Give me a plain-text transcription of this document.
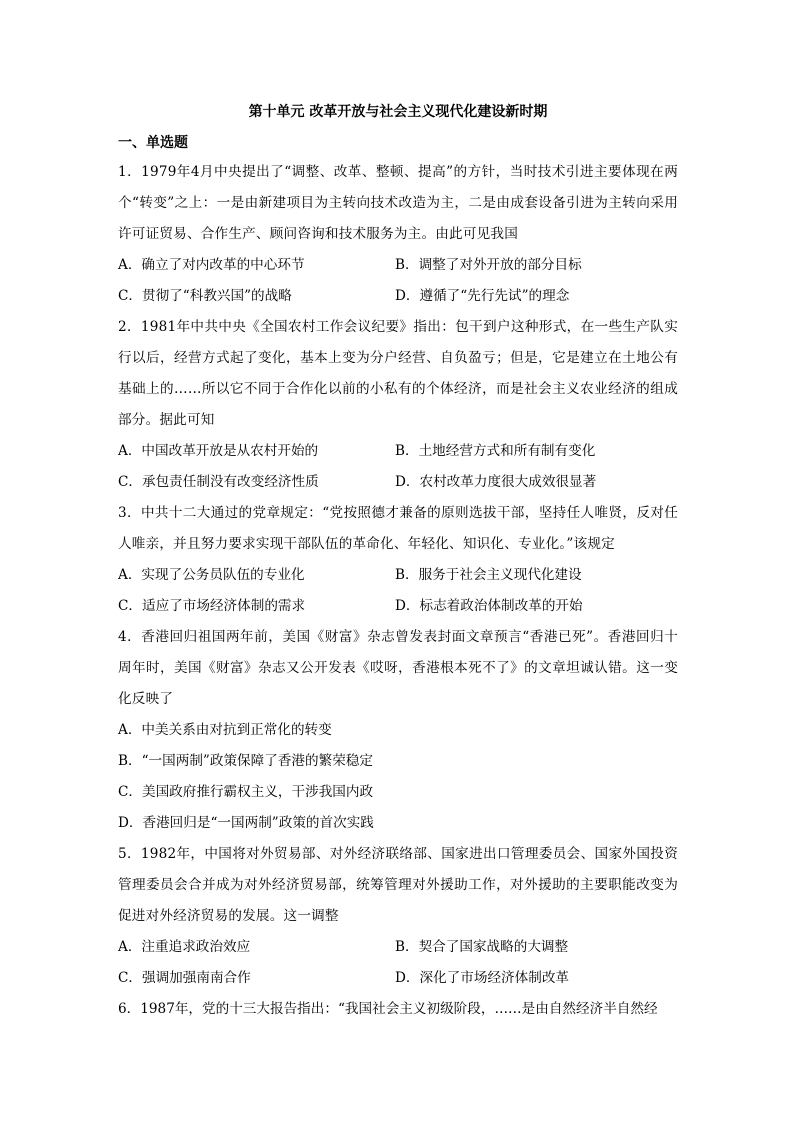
第十单元 改革开放与社会主义现代化建设新时期
一、单选题
1．1979年4月中央提出了“调整、改革、整顿、提高”的方针，当时技术引进主要体现在两个“转变”之上：一是由新建项目为主转向技术改造为主，二是由成套设备引进为主转向采用许可证贸易、合作生产、顾问咨询和技术服务为主。由此可见我国
A．确立了对内改革的中心环节	B．调整了对外开放的部分目标
C．贯彻了“科教兴国”的战略	D．遵循了“先行先试”的理念
2．1981年中共中央《全国农村工作会议纪要》指出：包干到户这种形式，在一些生产队实行以后，经营方式起了变化，基本上变为分户经营、自负盈亏；但是，它是建立在土地公有基础上的……所以它不同于合作化以前的小私有的个体经济，而是社会主义农业经济的组成部分。据此可知
A．中国改革开放是从农村开始的	B．土地经营方式和所有制有变化
C．承包责任制没有改变经济性质	D．农村改革力度很大成效很显著
3．中共十二大通过的党章规定：“党按照德才兼备的原则选拔干部，坚持任人唯贤，反对任人唯亲，并且努力要求实现干部队伍的革命化、年轻化、知识化、专业化。”该规定
A．实现了公务员队伍的专业化	B．服务于社会主义现代化建设
C．适应了市场经济体制的需求	D．标志着政治体制改革的开始
4．香港回归祖国两年前，美国《财富》杂志曾发表封面文章预言“香港已死”。香港回归十周年时，美国《财富》杂志又公开发表《哎呀，香港根本死不了》的文章坦诚认错。这一变化反映了
A．中美关系由对抗到正常化的转变
B．“一国两制”政策保障了香港的繁荣稳定
C．美国政府推行霸权主义，干涉我国内政
D．香港回归是“一国两制”政策的首次实践
5．1982年，中国将对外贸易部、对外经济联络部、国家进出口管理委员会、国家外国投资管理委员会合并成为对外经济贸易部，统筹管理对外援助工作，对外援助的主要职能改变为促进对外经济贸易的发展。这一调整
A．注重追求政治效应	B．契合了国家战略的大调整
C．强调加强南南合作	D．深化了市场经济体制改革
6．1987年，党的十三大报告指出：“我国社会主义初级阶段，……是由自然经济半自然经
